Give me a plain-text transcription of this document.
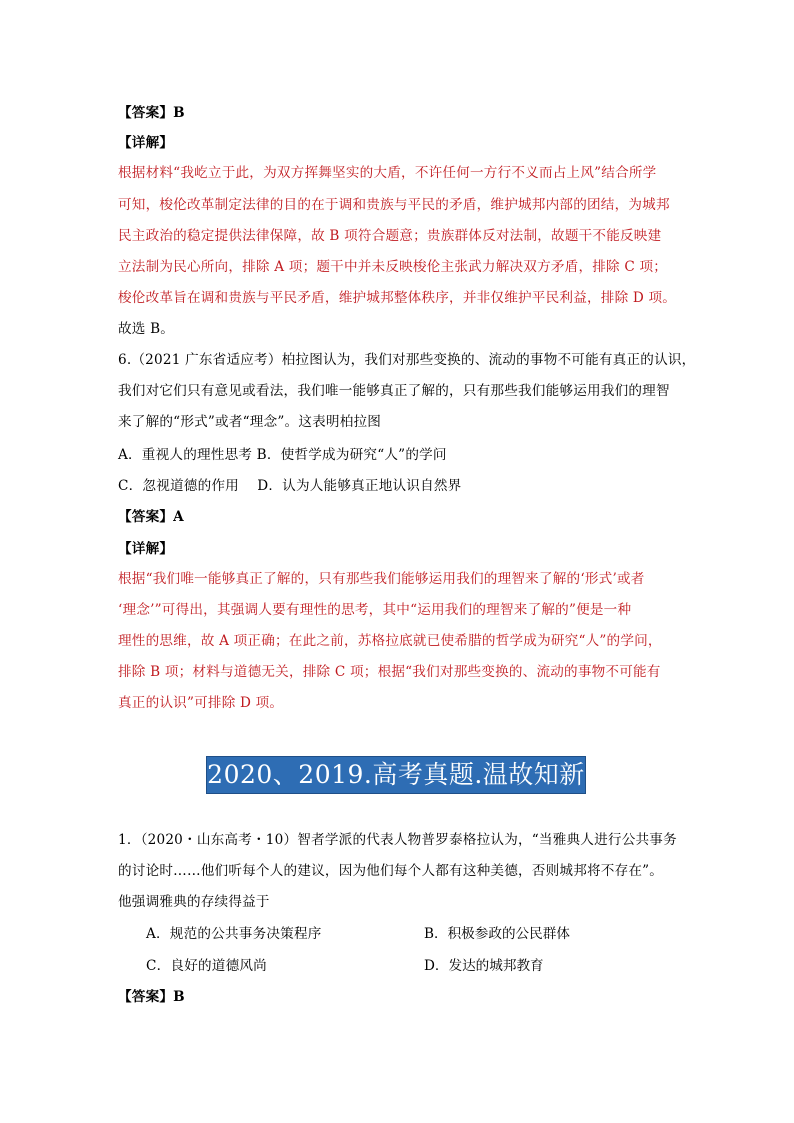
【答案】B
【详解】
根据材料“我屹立于此，为双方挥舞坚实的大盾，不许任何一方行不义而占上风”结合所学
可知，梭伦改革制定法律的目的在于调和贵族与平民的矛盾，维护城邦内部的团结，为城邦
民主政治的稳定提供法律保障，故 B 项符合题意；贵族群体反对法制，故题干不能反映建
立法制为民心所向，排除 A 项；题干中并未反映梭伦主张武力解决双方矛盾，排除 C 项；
梭伦改革旨在调和贵族与平民矛盾，维护城邦整体秩序，并非仅维护平民利益，排除 D 项。
故选 B。
6.（2021 广东省适应考）柏拉图认为，我们对那些变换的、流动的事物不可能有真正的认识，
我们对它们只有意见或看法，我们唯一能够真正了解的，只有那些我们能够运用我们的理智
来了解的“形式”或者“理念”。这表明柏拉图
A．重视人的理性思考 B．使哲学成为研究“人”的学问
C．忽视道德的作用　 D．认为人能够真正地认识自然界
【答案】A
【详解】
根据“我们唯一能够真正了解的，只有那些我们能够运用我们的理智来了解的‘形式’或者
‘理念’”可得出，其强调人要有理性的思考，其中“运用我们的理智来了解的”便是一种
理性的思维，故 A 项正确；在此之前，苏格拉底就已使希腊的哲学成为研究“人”的学问，
排除 B 项；材料与道德无关，排除 C 项；根据“我们对那些变换的、流动的事物不可能有
真正的认识”可排除 D 项。
2020、2019.高考真题.温故知新
1．（2020・山东高考・10）智者学派的代表人物普罗泰格拉认为，“当雅典人进行公共事务
的讨论时……他们听每个人的建议，因为他们每个人都有这种美德，否则城邦将不存在”。
他强调雅典的存续得益于
A．规范的公共事务决策程序	B．积极参政的公民群体
C．良好的道德风尚	D．发达的城邦教育
【答案】B
